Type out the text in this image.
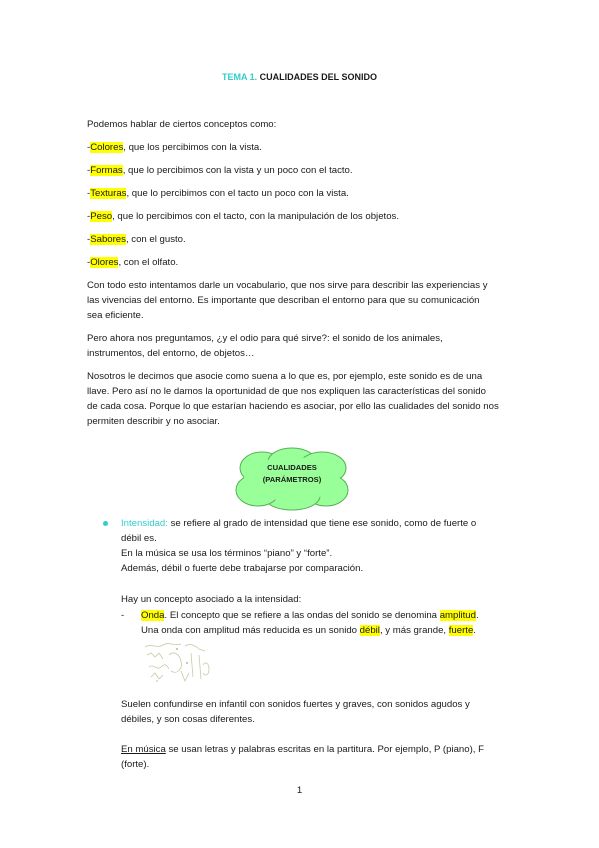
TEMA 1. CUALIDADES DEL SONIDO

Podemos hablar de ciertos conceptos como:

-Colores, que los percibimos con la vista.

-Formas, que lo percibimos con la vista y un poco con el tacto.

-Texturas, que lo percibimos con el tacto un poco con la vista.

-Peso, que lo percibimos con el tacto, con la manipulación de los objetos.

-Sabores, con el gusto.

-Olores, con el olfato.

Con todo esto intentamos darle un vocabulario, que nos sirve para describir las experiencias y

las vivencias del entorno. Es importante que describan el entorno para que su comunicación

sea eficiente.

Pero ahora nos preguntamos, ¿y el odio para qué sirve?: el sonido de los animales,

instrumentos, del entorno, de objetos…

Nosotros le decimos que asocie como suena a lo que es, por ejemplo, este sonido es de una

llave. Pero así no le damos la oportunidad de que nos expliquen las características del sonido

de cada cosa. Porque lo que estarían haciendo es asociar, por ello las cualidades del sonido nos

permiten describir y no asociar.

CUALIDADES
(PARÁMETROS)

Intensidad: se refiere al grado de intensidad que tiene ese sonido, como de fuerte o

débil es.

En la música se usa los términos “piano” y “forte”.

Además, débil o fuerte debe trabajarse por comparación.

Hay un concepto asociado a la intensidad:

- Onda. El concepto que se refiere a las ondas del sonido se denomina amplitud.

Una onda con amplitud más reducida es un sonido débil, y más grande, fuerte.

Suelen confundirse en infantil con sonidos fuertes y graves, con sonidos agudos y

débiles, y son cosas diferentes.

En música se usan letras y palabras escritas en la partitura. Por ejemplo, P (piano), F

(forte).

1
